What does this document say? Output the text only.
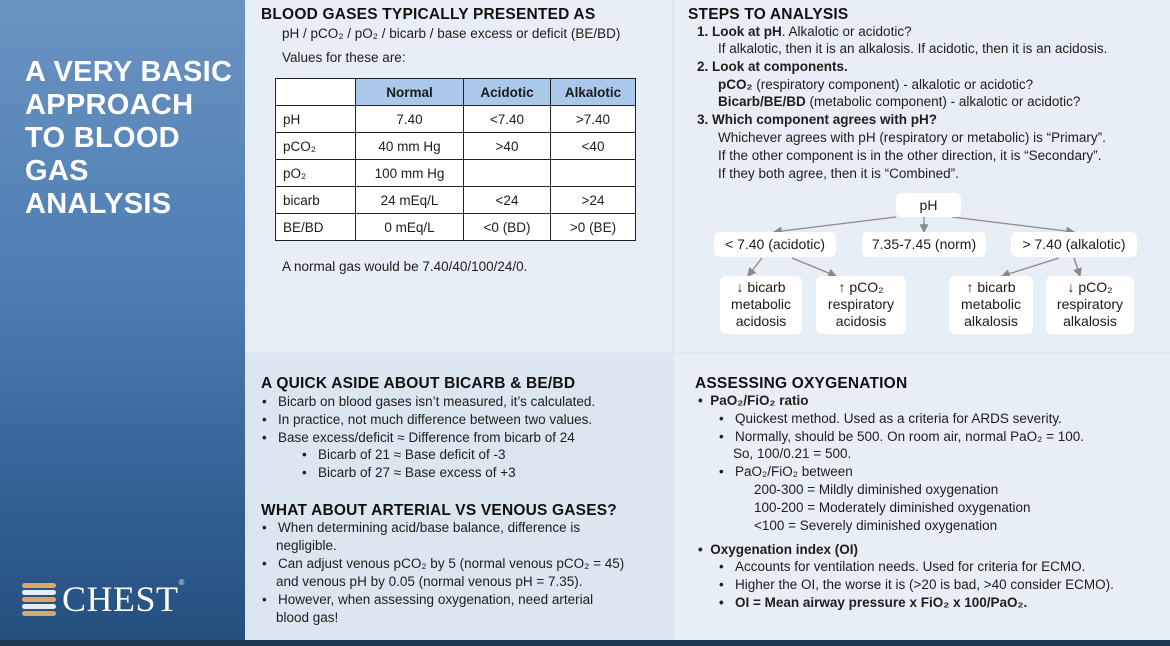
A VERY BASIC APPROACH TO BLOOD GAS ANALYSIS
CHEST®
BLOOD GASES TYPICALLY PRESENTED AS
pH / pCO₂ / pO₂ / bicarb / base excess or deficit (BE/BD)
Values for these are:
	Normal	Acidotic	Alkalotic
pH	7.40	<7.40	>7.40
pCO₂	40 mm Hg	>40	<40
pO₂	100 mm Hg		
bicarb	24 mEq/L	<24	>24
BE/BD	0 mEq/L	<0 (BD)	>0 (BE)
A normal gas would be 7.40/40/100/24/0.
STEPS TO ANALYSIS
1. Look at pH. Alkalotic or acidotic?
If alkalotic, then it is an alkalosis. If acidotic, then it is an acidosis.
2. Look at components.
pCO₂ (respiratory component) - alkalotic or acidotic?
Bicarb/BE/BD (metabolic component) - alkalotic or acidotic?
3. Which component agrees with pH?
Whichever agrees with pH (respiratory or metabolic) is “Primary”.
If the other component is in the other direction, it is “Secondary”.
If they both agree, then it is “Combined”.
pH
< 7.40 (acidotic)	7.35-7.45 (norm)	> 7.40 (alkalotic)
↓ bicarb
metabolic
acidosis
↑ pCO₂
respiratory
acidosis
↑ bicarb
metabolic
alkalosis
↓ pCO₂
respiratory
alkalosis
A QUICK ASIDE ABOUT BICARB & BE/BD
•   Bicarb on blood gases isn’t measured, it’s calculated.
•   In practice, not much difference between two values.
•   Base excess/deficit ≈ Difference from bicarb of 24
•   Bicarb of 21 ≈ Base deficit of -3
•   Bicarb of 27 ≈ Base excess of +3
WHAT ABOUT ARTERIAL VS VENOUS GASES?
•   When determining acid/base balance, difference is
negligible.
•   Can adjust venous pCO₂ by 5 (normal venous pCO₂ = 45)
and venous pH by 0.05 (normal venous pH = 7.35).
•   However, when assessing oxygenation, need arterial
blood gas!
ASSESSING OXYGENATION
•  PaO₂/FiO₂ ratio
•   Quickest method. Used as a criteria for ARDS severity.
•   Normally, should be 500. On room air, normal PaO₂ = 100.
So, 100/0.21 = 500.
•   PaO₂/FiO₂ between
200-300 = Mildly diminished oxygenation
100-200 = Moderately diminished oxygenation
<100 = Severely diminished oxygenation
•  Oxygenation index (OI)
•   Accounts for ventilation needs. Used for criteria for ECMO.
•   Higher the OI, the worse it is (>20 is bad, >40 consider ECMO).
•   OI = Mean airway pressure x FiO₂ x 100/PaO₂.
